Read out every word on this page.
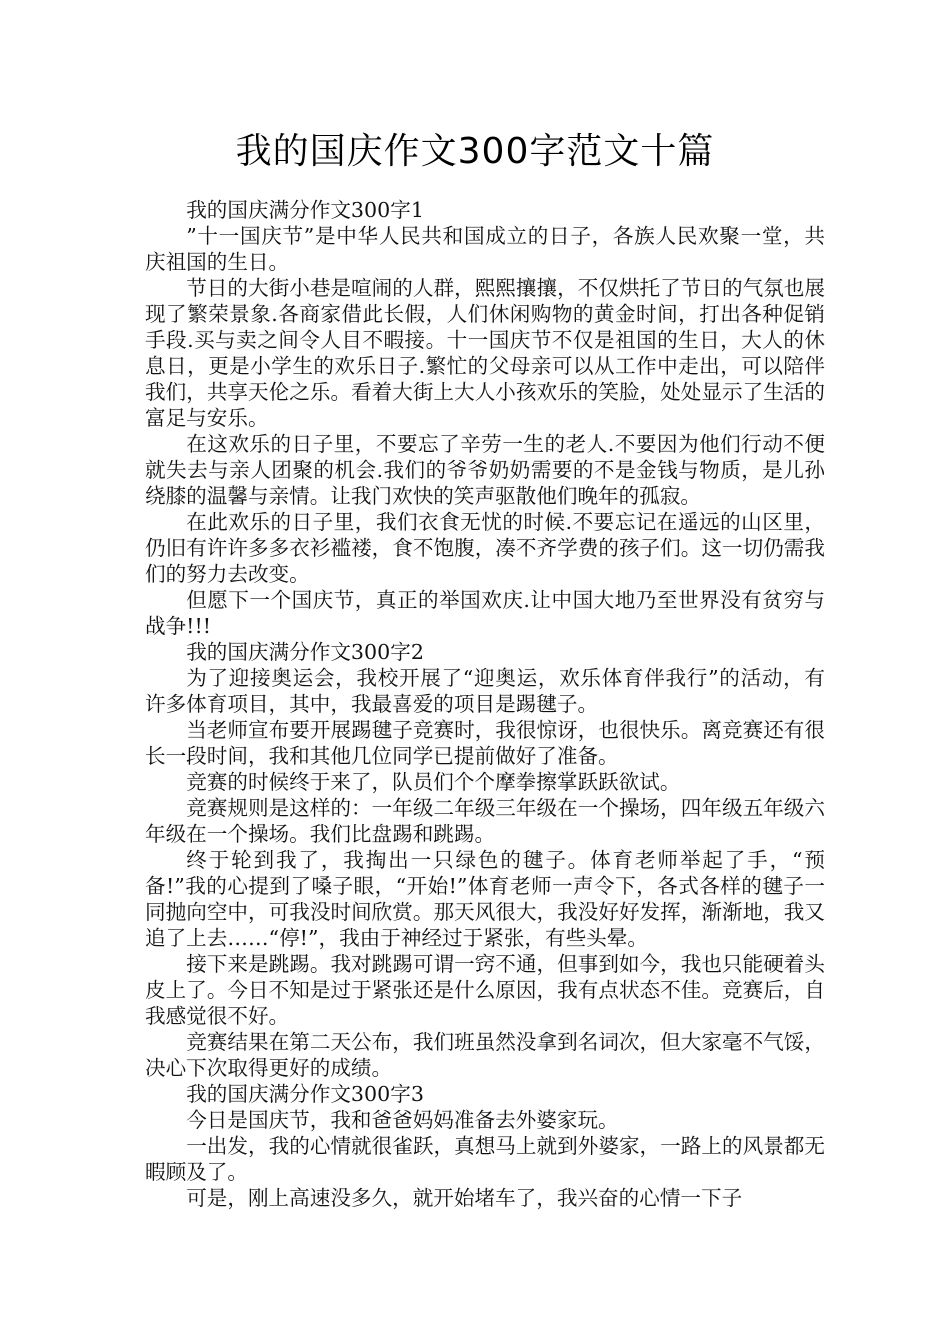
我的国庆作文300字范文十篇

我的国庆满分作文300字1

”十一国庆节”是中华人民共和国成立的日子，各族人民欢聚一堂，共庆祖国的生日。

节日的大街小巷是喧闹的人群，熙熙攘攘，不仅烘托了节日的气氛也展现了繁荣景象.各商家借此长假，人们休闲购物的黄金时间，打出各种促销手段.买与卖之间令人目不暇接。十一国庆节不仅是祖国的生日，大人的休息日，更是小学生的欢乐日子.繁忙的父母亲可以从工作中走出，可以陪伴我们，共享天伦之乐。看着大街上大人小孩欢乐的笑脸，处处显示了生活的富足与安乐。

在这欢乐的日子里，不要忘了辛劳一生的老人.不要因为他们行动不便就失去与亲人团聚的机会.我们的爷爷奶奶需要的不是金钱与物质，是儿孙绕膝的温馨与亲情。让我门欢快的笑声驱散他们晚年的孤寂。

在此欢乐的日子里，我们衣食无忧的时候.不要忘记在遥远的山区里，仍旧有许许多多衣衫褴褛，食不饱腹，凑不齐学费的孩子们。这一切仍需我们的努力去改变。

但愿下一个国庆节，真正的举国欢庆.让中国大地乃至世界没有贫穷与战争!!!

我的国庆满分作文300字2

为了迎接奥运会，我校开展了“迎奥运，欢乐体育伴我行”的活动，有许多体育项目，其中，我最喜爱的项目是踢毽子。

当老师宣布要开展踢毽子竞赛时，我很惊讶，也很快乐。离竞赛还有很长一段时间，我和其他几位同学已提前做好了准备。

竞赛的时候终于来了，队员们个个摩拳擦掌跃跃欲试。

竞赛规则是这样的：一年级二年级三年级在一个操场，四年级五年级六年级在一个操场。我们比盘踢和跳踢。

终于轮到我了，我掏出一只绿色的毽子。体育老师举起了手，“预备!”我的心提到了嗓子眼，“开始!”体育老师一声令下，各式各样的毽子一同抛向空中，可我没时间欣赏。那天风很大，我没好好发挥，渐渐地，我又追了上去……“停!”，我由于神经过于紧张，有些头晕。

接下来是跳踢。我对跳踢可谓一窍不通，但事到如今，我也只能硬着头皮上了。今日不知是过于紧张还是什么原因，我有点状态不佳。竞赛后，自我感觉很不好。

竞赛结果在第二天公布，我们班虽然没拿到名词次，但大家毫不气馁，决心下次取得更好的成绩。

我的国庆满分作文300字3

今日是国庆节，我和爸爸妈妈准备去外婆家玩。

一出发，我的心情就很雀跃，真想马上就到外婆家，一路上的风景都无暇顾及了。

可是，刚上高速没多久，就开始堵车了，我兴奋的心情一下子
